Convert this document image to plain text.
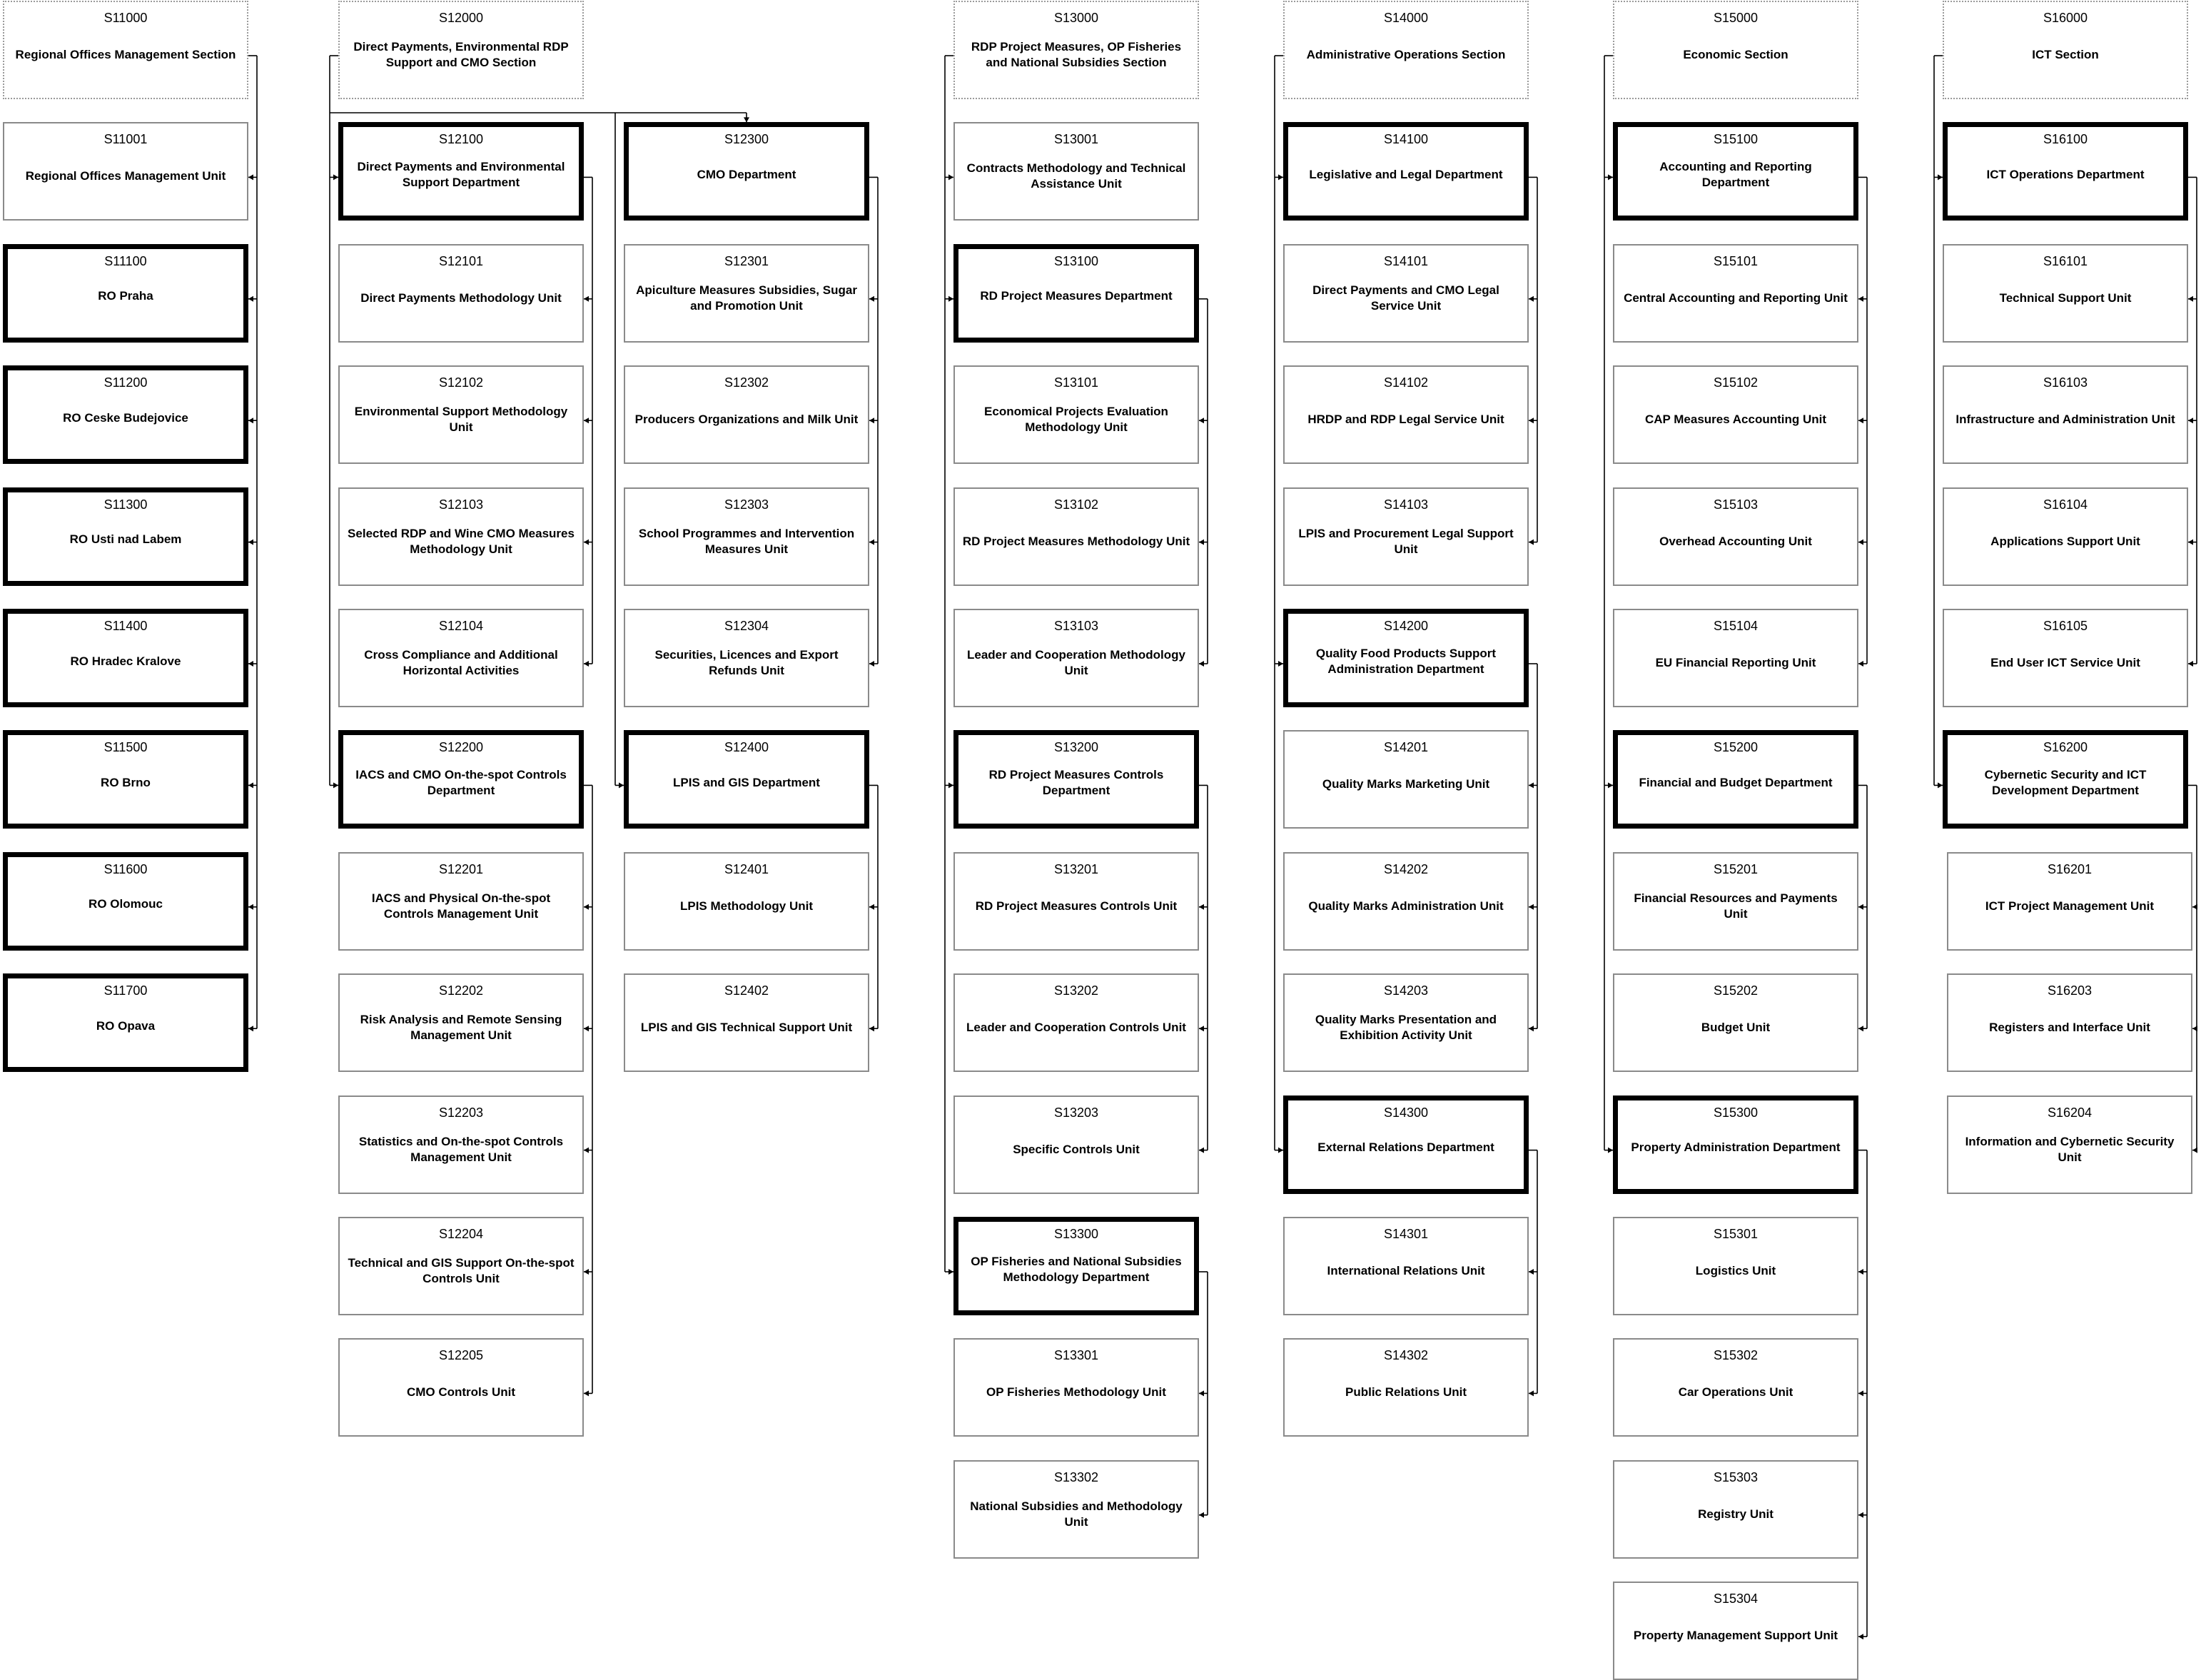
S11000
Regional Offices Management Section
S11001
Regional Offices Management Unit
S11100
RO Praha
S11200
RO Ceske Budejovice
S11300
RO Usti nad Labem
S11400
RO Hradec Kralove
S11500
RO Brno
S11600
RO Olomouc
S11700
RO Opava
S12000
Direct Payments, Environmental RDP Support and CMO Section
S12100
Direct Payments and Environmental Support Department
S12101
Direct Payments Methodology Unit
S12102
Environmental Support Methodology Unit
S12103
Selected RDP and Wine CMO Measures Methodology Unit
S12104
Cross Compliance and Additional Horizontal Activities
S12200
IACS and CMO On-the-spot Controls Department
S12201
IACS and Physical On-the-spot Controls Management Unit
S12202
Risk Analysis and Remote Sensing Management Unit
S12203
Statistics and On-the-spot Controls Management Unit
S12204
Technical and GIS Support On-the-spot Controls Unit
S12205
CMO Controls Unit
S12300
CMO Department
S12301
Apiculture Measures Subsidies, Sugar and Promotion Unit
S12302
Producers Organizations and Milk Unit
S12303
School Programmes and Intervention Measures Unit
S12304
Securities, Licences and Export Refunds Unit
S12400
LPIS and GIS Department
S12401
LPIS Methodology Unit
S12402
LPIS and GIS Technical Support Unit
S13000
RDP Project Measures, OP Fisheries and National Subsidies Section
S13001
Contracts Methodology and Technical Assistance Unit
S13100
RD Project Measures Department
S13101
Economical Projects Evaluation Methodology Unit
S13102
RD Project Measures Methodology Unit
S13103
Leader and Cooperation Methodology Unit
S13200
RD Project Measures Controls Department
S13201
RD Project Measures Controls Unit
S13202
Leader and Cooperation Controls Unit
S13203
Specific Controls Unit
S13300
OP Fisheries and National Subsidies Methodology Department
S13301
OP Fisheries Methodology Unit
S13302
National Subsidies and Methodology Unit
S14000
Administrative Operations Section
S14100
Legislative and Legal Department
S14101
Direct Payments and CMO Legal Service Unit
S14102
HRDP and RDP Legal Service Unit
S14103
LPIS and Procurement Legal Support Unit
S14200
Quality Food Products Support Administration Department
S14201
Quality Marks Marketing Unit
S14202
Quality Marks Administration Unit
S14203
Quality Marks Presentation and Exhibition Activity Unit
S14300
External Relations Department
S14301
International Relations Unit
S14302
Public Relations Unit
S15000
Economic Section
S15100
Accounting and Reporting Department
S15101
Central Accounting and Reporting Unit
S15102
CAP Measures Accounting Unit
S15103
Overhead Accounting Unit
S15104
EU Financial Reporting Unit
S15200
Financial and Budget Department
S15201
Financial Resources and Payments Unit
S15202
Budget Unit
S15300
Property Administration Department
S15301
Logistics Unit
S15302
Car Operations Unit
S15303
Registry Unit
S15304
Property Management Support Unit
S16000
ICT Section
S16100
ICT Operations Department
S16101
Technical Support Unit
S16103
Infrastructure and Administration Unit
S16104
Applications Support Unit
S16105
End User ICT Service Unit
S16200
Cybernetic Security and ICT Development Department
S16201
ICT Project Management Unit
S16203
Registers and Interface Unit
S16204
Information and Cybernetic Security Unit
